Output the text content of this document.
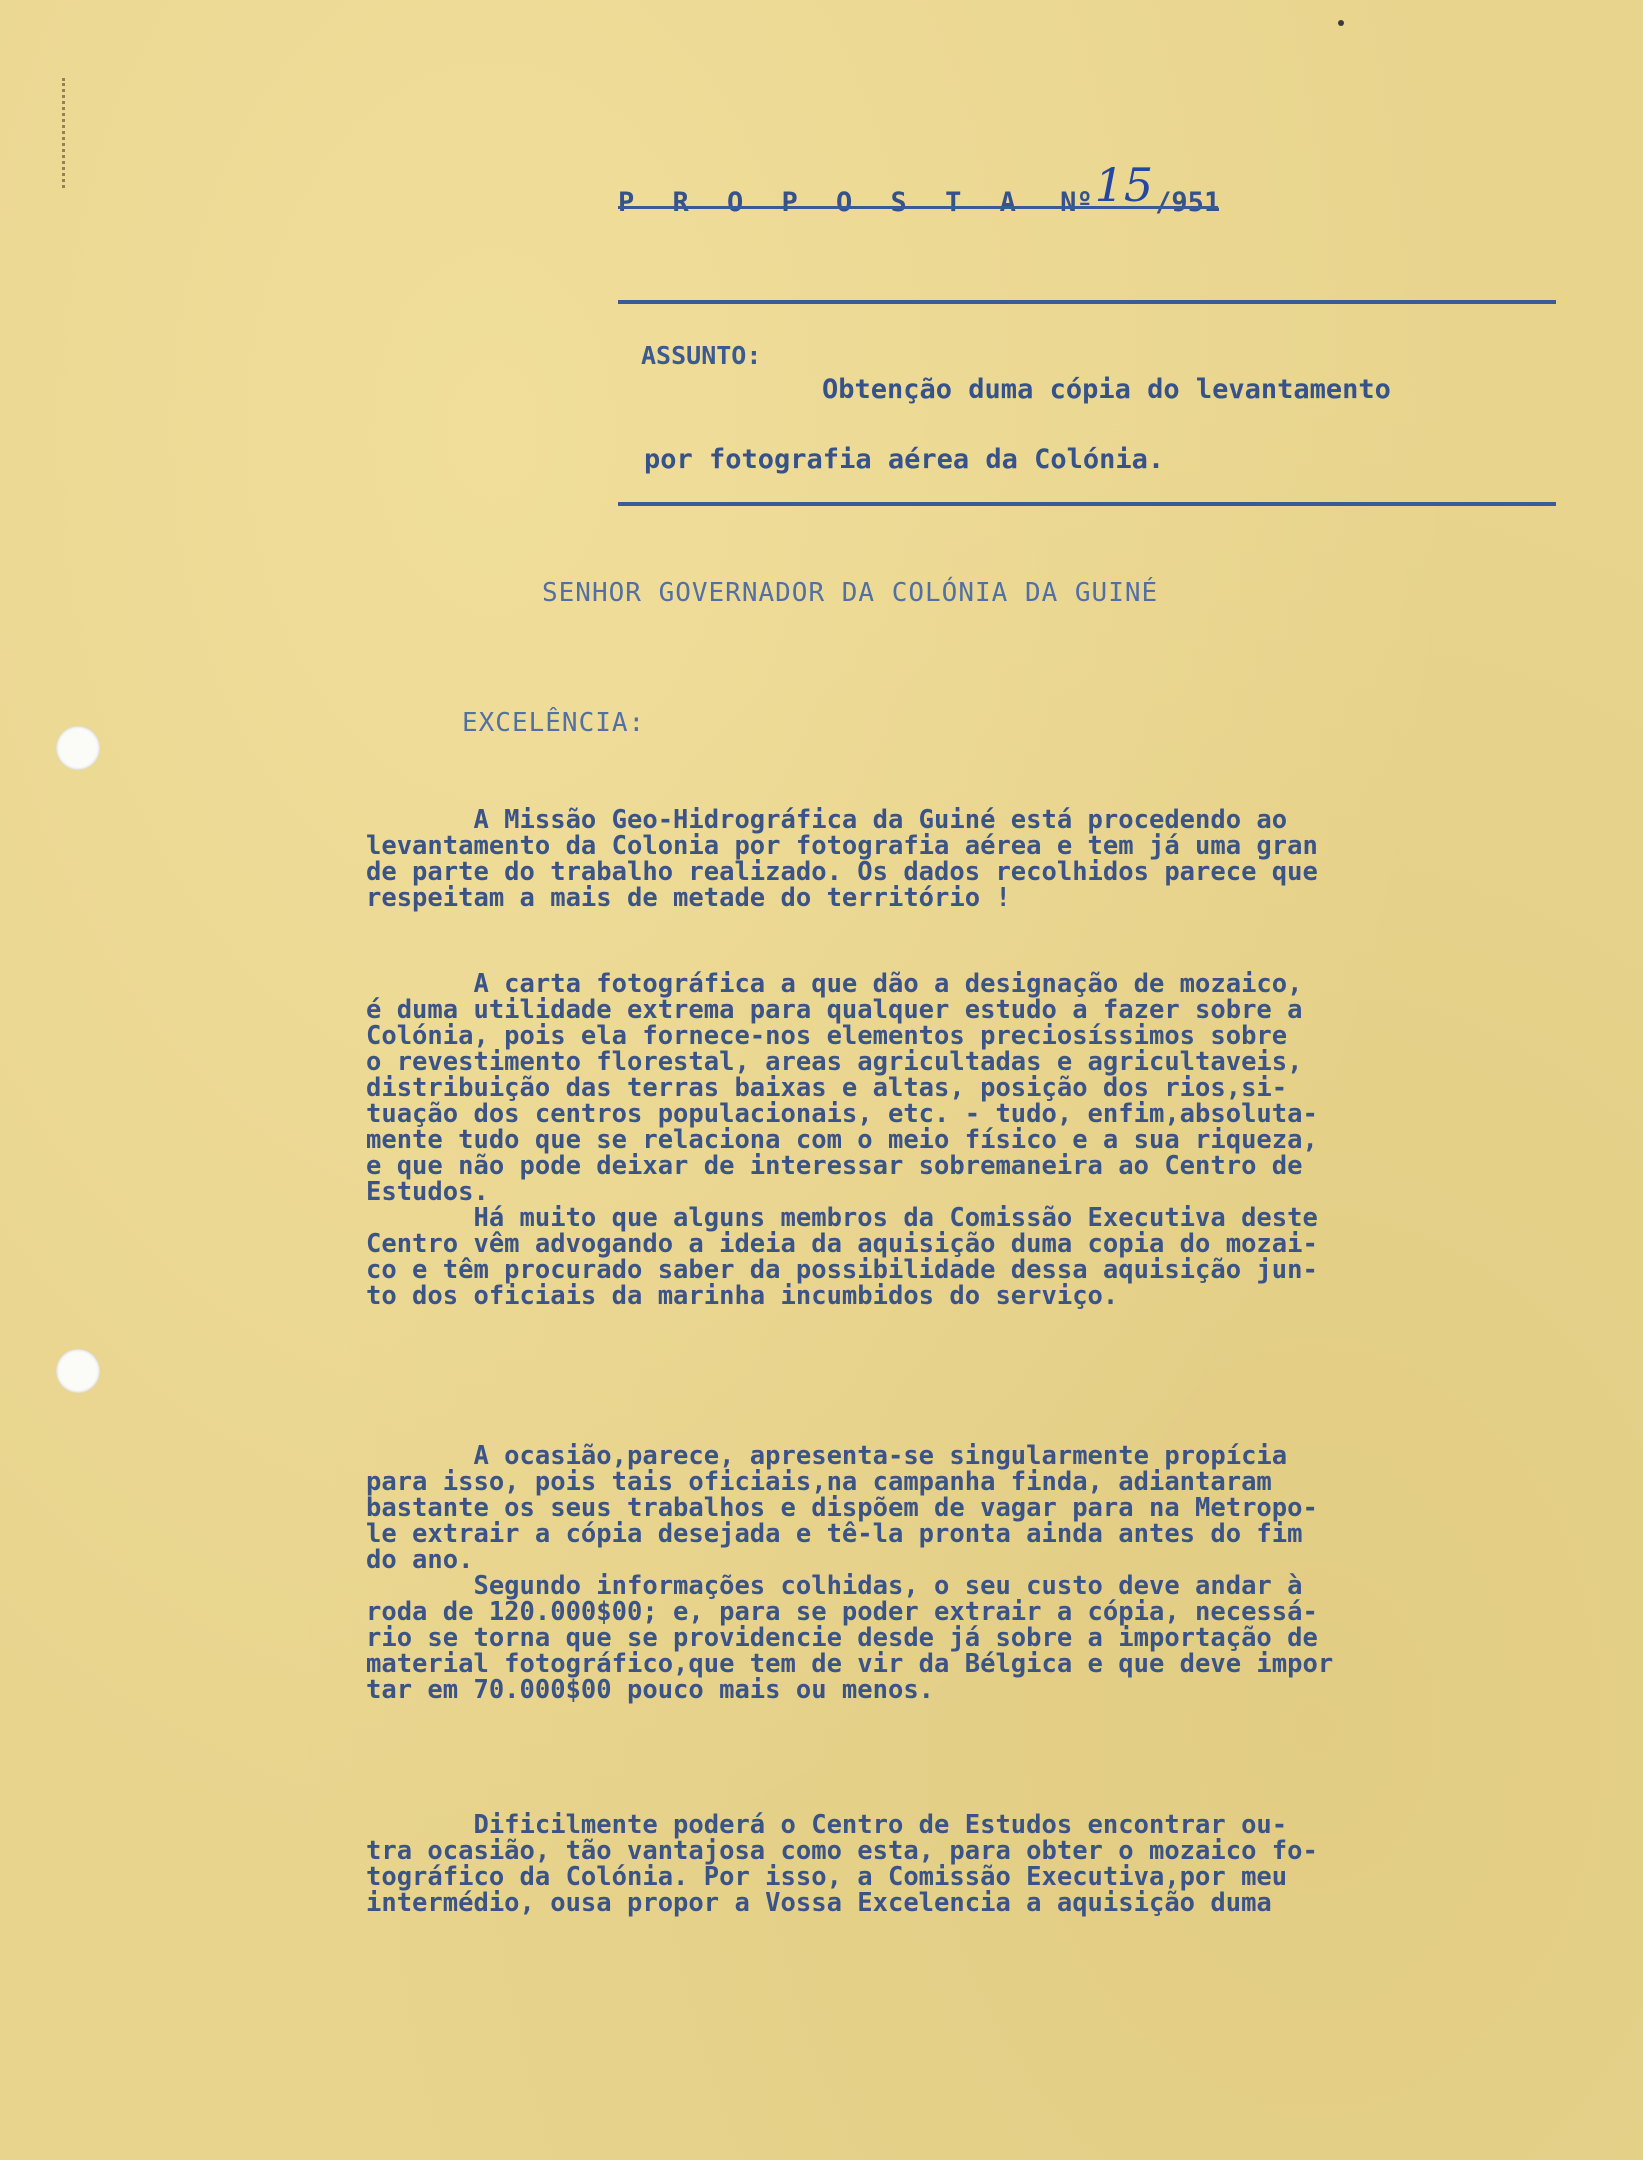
P R O P O S T A Nº15/951
ASSUNTO:
Obtenção duma cópia do levantamento
por fotografia aérea da Colónia.
SENHOR GOVERNADOR DA COLÓNIA DA GUINÉ
EXCELÊNCIA:
A Missão Geo-Hidrográfica da Guiné está procedendo ao
levantamento da Colonia por fotografia aérea e tem já uma gran
de parte do trabalho realizado. Os dados recolhidos parece que
respeitam a mais de metade do território !
A carta fotográfica a que dão a designação de mozaico,
é duma utilidade extrema para qualquer estudo a fazer sobre a
Colónia, pois ela fornece-nos elementos preciosíssimos sobre
o revestimento florestal, areas agricultadas e agricultaveis,
distribuição das terras baixas e altas, posição dos rios,si-
tuação dos centros populacionais, etc. - tudo, enfim,absoluta-
mente tudo que se relaciona com o meio físico e a sua riqueza,
e que não pode deixar de interessar sobremaneira ao Centro de
Estudos.
Há muito que alguns membros da Comissão Executiva deste
Centro vêm advogando a ideia da aquisição duma copia do mozai-
co e têm procurado saber da possibilidade dessa aquisição jun-
to dos oficiais da marinha incumbidos do serviço.
A ocasião,parece, apresenta-se singularmente propícia
para isso, pois tais oficiais,na campanha finda, adiantaram
bastante os seus trabalhos e dispõem de vagar para na Metropo-
le extrair a cópia desejada e tê-la pronta ainda antes do fim
do ano.
Segundo informações colhidas, o seu custo deve andar à
roda de 120.000$00; e, para se poder extrair a cópia, necessá-
rio se torna que se providencie desde já sobre a importação de
material fotográfico,que tem de vir da Bélgica e que deve impor
tar em 70.000$00 pouco mais ou menos.
Dificilmente poderá o Centro de Estudos encontrar ou-
tra ocasião, tão vantajosa como esta, para obter o mozaico fo-
tográfico da Colónia. Por isso, a Comissão Executiva,por meu
intermédio, ousa propor a Vossa Excelencia a aquisição duma
